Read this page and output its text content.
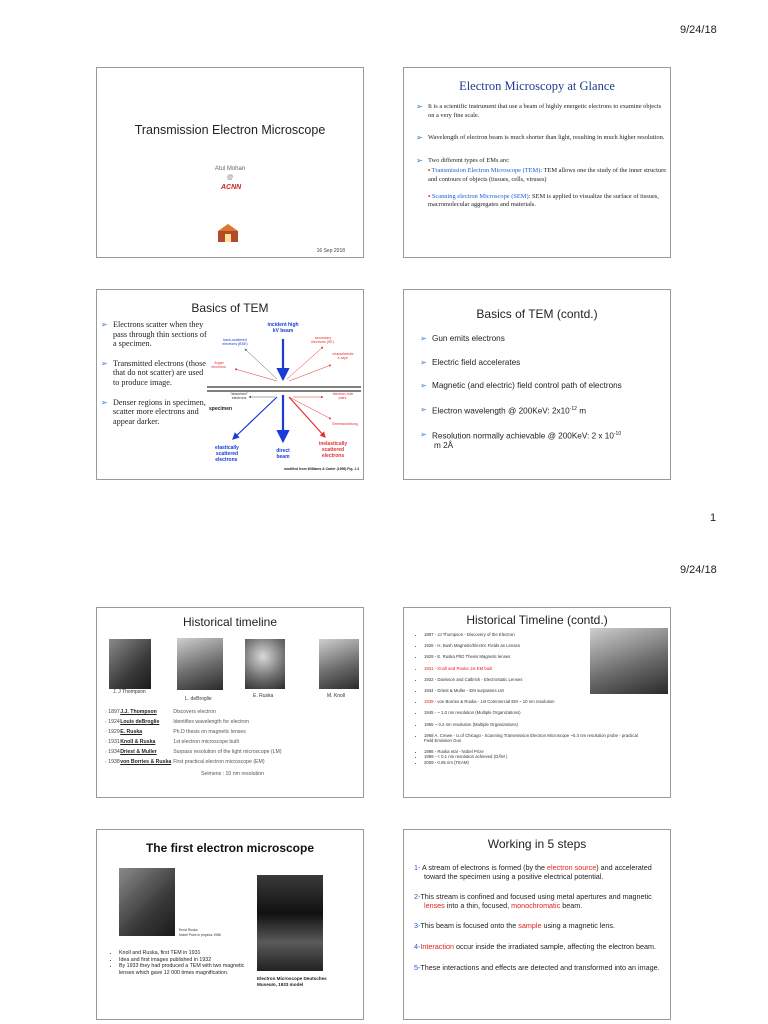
9/24/18
Transmission Electron Microscope
Atul Mohan
@
ACNN
16 Sep 2018
Electron Microscopy at Glance
➢ It is a scientific instrument that use a beam of highly energetic electrons to examine objects on a very fine scale.
➢ Wavelength of electron beam is much shorter than light, resulting in much higher resolution.
➢ Two different types of EMs are:
▪ Transmission Electron Microscope (TEM): TEM allows one the study of the inner structure and contours of objects (tissues, cells, viruses)
▪ Scanning electron Microscope (SEM): SEM is applied to visualize the surface of tissues, macromolecular aggregates and materials.
Basics of TEM
➢ Electrons scatter when they pass through thin sections of a specimen.
➢ Transmitted electrons (those that do not scatter) are used to produce image.
➢ Denser regions in specimen, scatter more electrons and appear darker.
incident high kV beam
back-scattered electrons (BSE)
secondary electrons (SE) characteristic X-rays Auger electrons electron-hole pairs Bremsstrahlung
"absorbed" electrons
specimen
elastically scattered electrons direct beam
inelastically scattered electrons
modified from Williams & Carter (1996) Fig. 1.3
Basics of TEM (contd.)
➢ Gun emits electrons
➢ Electric field accelerates
➢ Magnetic (and electric) field control path of electrons
➢ Electron wavelength @ 200KeV: $2x10^{-12}$ m
➢ Resolution normally achievable @ 200KeV: 2 x $10^{-10}$
m 2Å
1
9/24/18
Historical timeline
J. J Thompson
L. deBroglie	E. Ruska	M. Knoll
› 1897J.J. Thompson	Discovers electron
› 1924Louis deBroglie	Identifies wavelength for electron
› 1929E. Ruska	Ph.D thesis on magnetic lenses
› 1931Knoll & Ruska	1st electron microscope built
› 1934Driest & Muller	Surpass resolution of the light microscope (LM)
› 1938von Borries & Ruska First practical electron microscope (EM)
Seimens : 10 nm resolution
Historical Timeline (contd.)
• 1897 - JJ Thompson - Discovery of the Electron
• 1926 - H. Bush Magnetic/Electric Fields as Lenses
• 1929 - E. Ruska PhD Thesis Magnetic lenses
• 1931 - Knoll and Ruska 1st EM built
• 1932 - Davisson and Calbrick - Electrostatic Lenses
• 1934 - Driest & Muller - EM surpasses LM
• 1939 - von Borries & Ruska - 1st Commercial EM ~ 10 nm resolution
• 1945 - ~ 1.0 nm resolution (Multiple Organizations)
• 1965 ~ 0.2 nm resolution (Multiple Organizations)
• 1968 A. Crewe - U.of Chicago - Scanning Transmission Electron Microscope ~0.3 nm resolution probe - practical Field Emission Gun
• 1986 - Ruska etal - Nobel Prize
• 1999 - < 0.1 nm resolution achieved (OÅM )
• 2009 - 0.05 nm (TEAM)
The first electron microscope
Ernst Ruska
Nobel Prize in physics 1986
• Knoll and Ruska, first TEM in 1931
• Idea and first images published in 1932
• By 1933 they had produced a TEM with two magnetic lenses which gave 12 000 times magnification.
Electron Microscope Deutsches Museum, 1933 model
Working in 5 steps
1- A stream of electrons is formed (by the electron source) and accelerated toward the specimen using a positive electrical potential.
2-This stream is confined and focused using metal apertures and magnetic lenses into a thin, focused, monochromatic beam.
3-This beam is focused onto the sample using a magnetic lens.
4-Interaction occur inside the irradiated sample, affecting the electron beam.
5-These interactions and effects are detected and transformed into an image.
